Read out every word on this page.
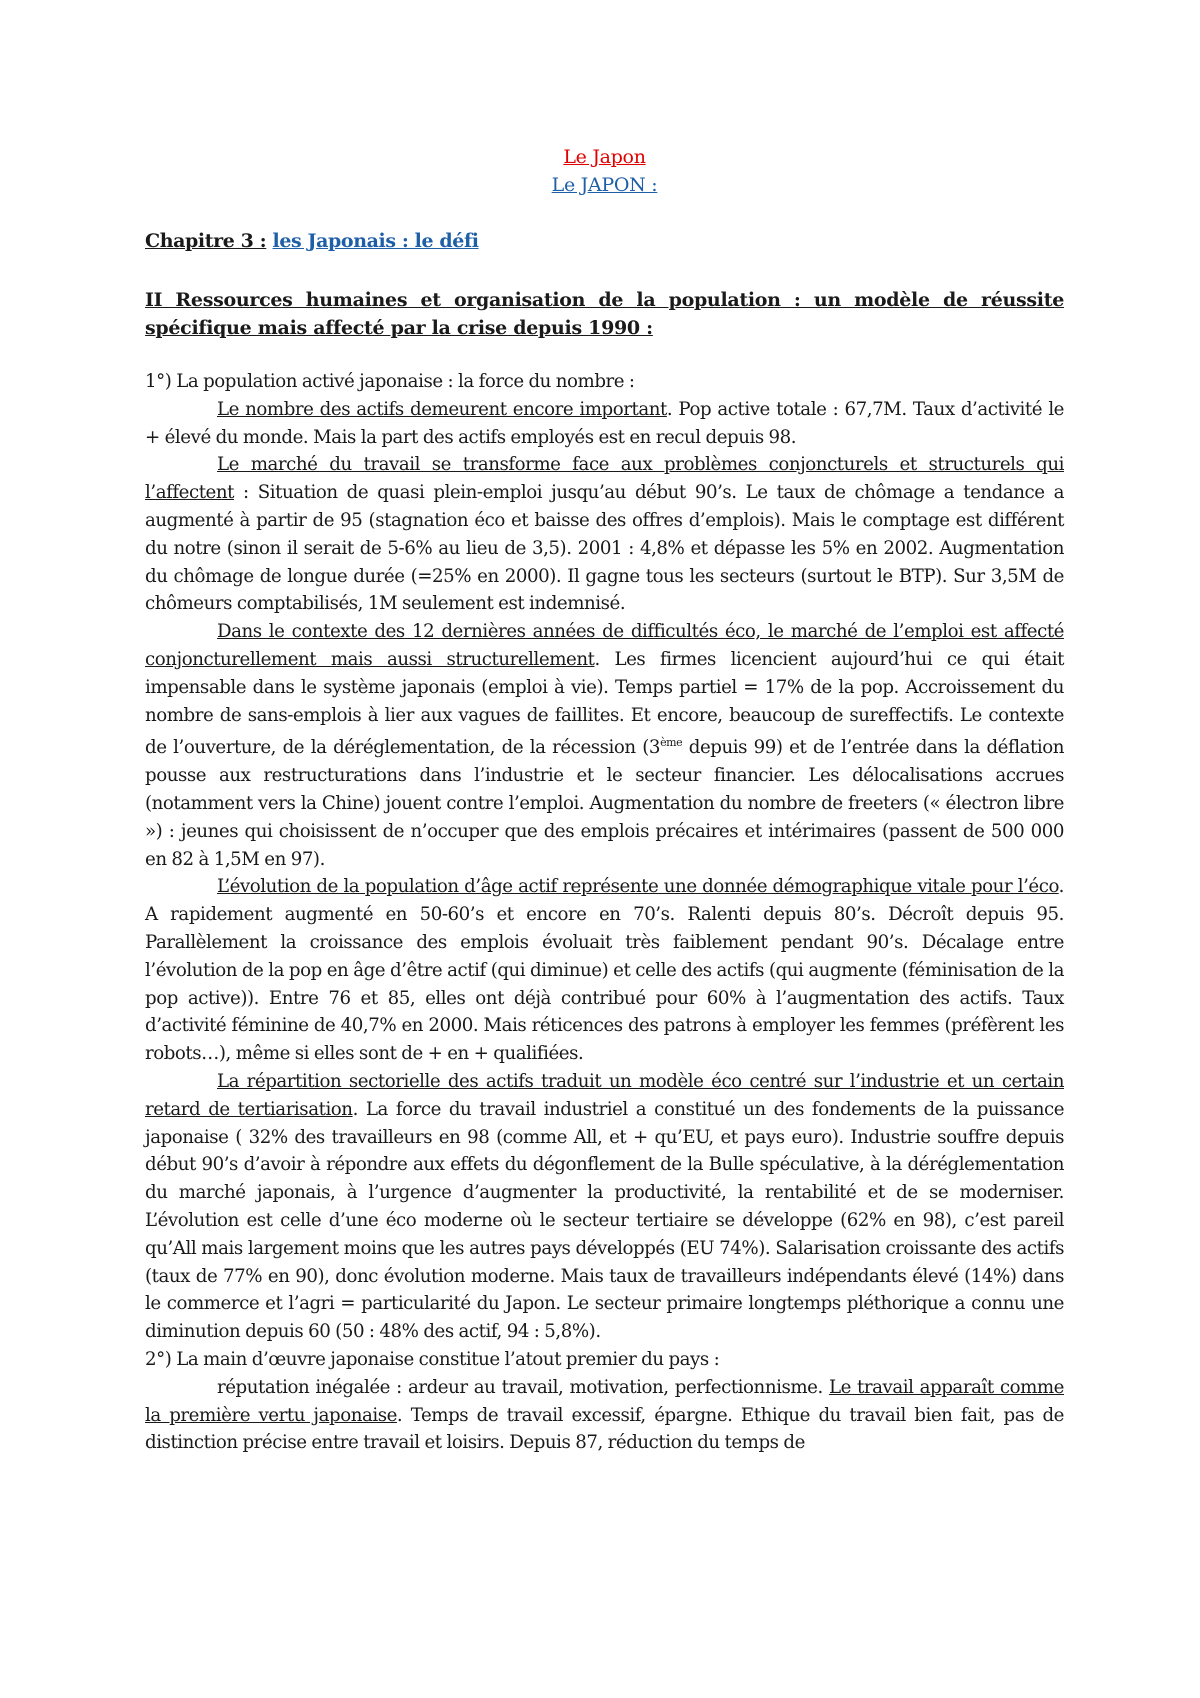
Le Japon
Le JAPON :
Chapitre 3 : les Japonais : le défi
II Ressources humaines et organisation de la population : un modèle de réussite spécifique mais affecté par la crise depuis 1990 :

1°) La population activé japonaise : la force du nombre :

Le nombre des actifs demeurent encore important. Pop active totale : 67,7M. Taux d’activité le + élevé du monde. Mais la part des actifs employés est en recul depuis 98.

Le marché du travail se transforme face aux problèmes conjoncturels et structurels qui l’affectent : Situation de quasi plein-emploi jusqu’au début 90’s. Le taux de chômage a tendance a augmenté à partir de 95 (stagnation éco et baisse des offres d’emplois). Mais le comptage est différent du notre (sinon il serait de 5-6% au lieu de 3,5). 2001 : 4,8% et dépasse les 5% en 2002. Augmentation du chômage de longue durée (=25% en 2000). Il gagne tous les secteurs (surtout le BTP). Sur 3,5M de chômeurs comptabilisés, 1M seulement est indemnisé.

Dans le contexte des 12 dernières années de difficultés éco, le marché de l’emploi est affecté conjoncturellement mais aussi structurellement. Les firmes licencient aujourd’hui ce qui était impensable dans le système japonais (emploi à vie). Temps partiel = 17% de la pop. Accroissement du nombre de sans-emplois à lier aux vagues de faillites. Et encore, beaucoup de sureffectifs. Le contexte de l’ouverture, de la déréglementation, de la récession (3ème depuis 99) et de l’entrée dans la déflation pousse aux restructurations dans l’industrie et le secteur financier. Les délocalisations accrues (notamment vers la Chine) jouent contre l’emploi. Augmentation du nombre de freeters (« électron libre ») : jeunes qui choisissent de n’occuper que des emplois précaires et intérimaires (passent de 500 000 en 82 à 1,5M en 97).

L’évolution de la population d’âge actif représente une donnée démographique vitale pour l’éco. A rapidement augmenté en 50-60’s et encore en 70’s. Ralenti depuis 80’s. Décroît depuis 95. Parallèlement la croissance des emplois évoluait très faiblement pendant 90’s. Décalage entre l’évolution de la pop en âge d’être actif (qui diminue) et celle des actifs (qui augmente (féminisation de la pop active)). Entre 76 et 85, elles ont déjà contribué pour 60% à l’augmentation des actifs. Taux d’activité féminine de 40,7% en 2000. Mais réticences des patrons à employer les femmes (préfèrent les robots…), même si elles sont de + en + qualifiées.

La répartition sectorielle des actifs traduit un modèle éco centré sur l’industrie et un certain retard de tertiarisation. La force du travail industriel a constitué un des fondements de la puissance japonaise ( 32% des travailleurs en 98 (comme All, et + qu’EU, et pays euro). Industrie souffre depuis début 90’s d’avoir à répondre aux effets du dégonflement de la Bulle spéculative, à la déréglementation du marché japonais, à l’urgence d’augmenter la productivité, la rentabilité et de se moderniser. L’évolution est celle d’une éco moderne où le secteur tertiaire se développe (62% en 98), c’est pareil qu’All mais largement moins que les autres pays développés (EU 74%). Salarisation croissante des actifs (taux de 77% en 90), donc évolution moderne. Mais taux de travailleurs indépendants élevé (14%) dans le commerce et l’agri = particularité du Japon. Le secteur primaire longtemps pléthorique a connu une diminution depuis 60 (50 : 48% des actif, 94 : 5,8%).

2°) La main d’œuvre japonaise constitue l’atout premier du pays :

réputation inégalée : ardeur au travail, motivation, perfectionnisme. Le travail apparaît comme la première vertu japonaise. Temps de travail excessif, épargne. Ethique du travail bien fait, pas de distinction précise entre travail et loisirs. Depuis 87, réduction du temps de
